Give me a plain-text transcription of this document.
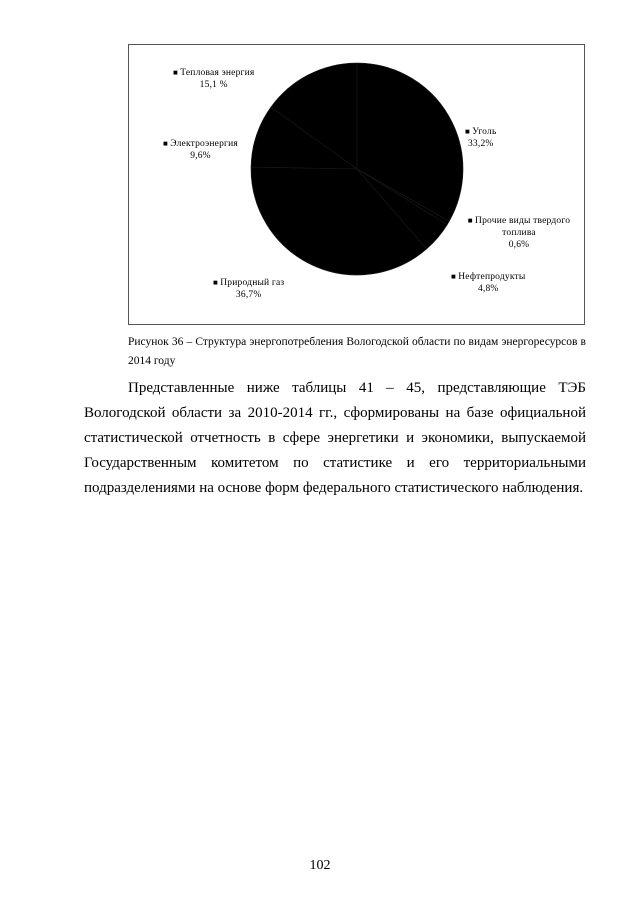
■ Тепловая энергия
15,1 %
■ Уголь
33,2%
■ Прочие виды твердого топлива
0,6%
■ Нефтепродукты
4,8%
■ Природный газ
36,7%
■ Электроэнергия
9,6%
Рисунок 36 – Структура энергопотребления Вологодской области по видам энергоресурсов в 2014 году
Представленные ниже таблицы 41 – 45, представляющие ТЭБ Вологодской области за 2010-2014 гг., сформированы на базе официальной статистической отчетность в сфере энергетики и экономики, выпускаемой Государственным комитетом по статистике и его территориальными подразделениями на основе форм федерального статистического наблюдения.
102
